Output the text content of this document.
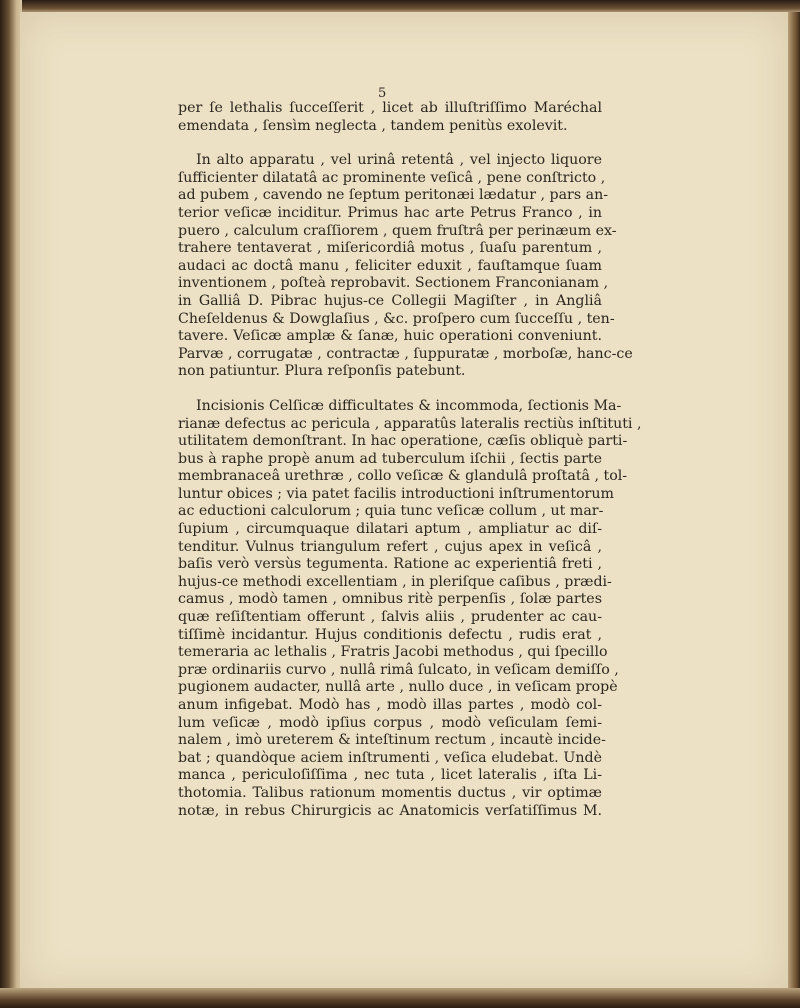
5
per ſe lethalis ſucceſſerit , licet ab illuſtriſſimo Maréchal
emendata , ſensìm neglecta , tandem penitùs exolevit.
In alto apparatu , vel urinâ retentâ , vel injecto liquore
ſufficienter dilatatâ ac prominente veſicâ , pene conſtricto ,
ad pubem , cavendo ne ſeptum peritonæi lædatur , pars an-
terior veſicæ inciditur. Primus hac arte Petrus Franco , in
puero , calculum craſſiorem , quem fruſtrâ per perinæum ex-
trahere tentaverat , miſericordiâ motus , ſuaſu parentum ,
audaci ac doctâ manu , feliciter eduxit , fauſtamque ſuam
inventionem , poſteà reprobavit. Sectionem Franconianam ,
in Galliâ D. Pibrac hujus-ce Collegii Magiſter , in Angliâ
Cheſeldenus & Dowglaſius , &c. proſpero cum ſucceſſu , ten-
tavere. Veſicæ amplæ & ſanæ, huic operationi conveniunt.
Parvæ , corrugatæ , contractæ , ſuppuratæ , morboſæ, hanc-ce
non patiuntur. Plura reſponſis patebunt.
Incisionis Celſicæ difficultates & incommoda, ſectionis Ma-
rianæ defectus ac pericula , apparatûs lateralis rectiùs inſtituti ,
utilitatem demonſtrant. In hac operatione, cæſis obliquè parti-
bus à raphe propè anum ad tuberculum iſchii , ſectis parte
membranaceâ urethræ , collo veſicæ & glandulâ proſtatâ , tol-
luntur obices ; via patet facilis introductioni inſtrumentorum
ac eductioni calculorum ; quia tunc veſicæ collum , ut mar-
ſupium , circumquaque dilatari aptum , ampliatur ac diſ-
tenditur. Vulnus triangulum refert , cujus apex in veſicâ ,
baſis verò versùs tegumenta. Ratione ac experientiâ freti ,
hujus-ce methodi excellentiam , in pleriſque caſibus , prædi-
camus , modò tamen , omnibus ritè perpenſis , ſolæ partes
quæ reſiſtentiam offerunt , ſalvis aliis , prudenter ac cau-
tiſſimè incidantur. Hujus conditionis defectu , rudis erat ,
temeraria ac lethalis , Fratris Jacobi methodus , qui ſpecillo
præ ordinariis curvo , nullâ rimâ ſulcato, in veſicam demiſſo ,
pugionem audacter, nullâ arte , nullo duce , in veſicam propè
anum infigebat. Modò has , modò illas partes , modò col-
lum veſicæ , modò ipſius corpus , modò veſiculam ſemi-
nalem , imò ureterem & inteſtinum rectum , incautè incide-
bat ; quandòque aciem inſtrumenti , veſica eludebat. Undè
manca , periculoſiſſima , nec tuta , licet lateralis , iſta Li-
thotomia. Talibus rationum momentis ductus , vir optimæ
notæ, in rebus Chirurgicis ac Anatomicis verſatiſſimus M.
